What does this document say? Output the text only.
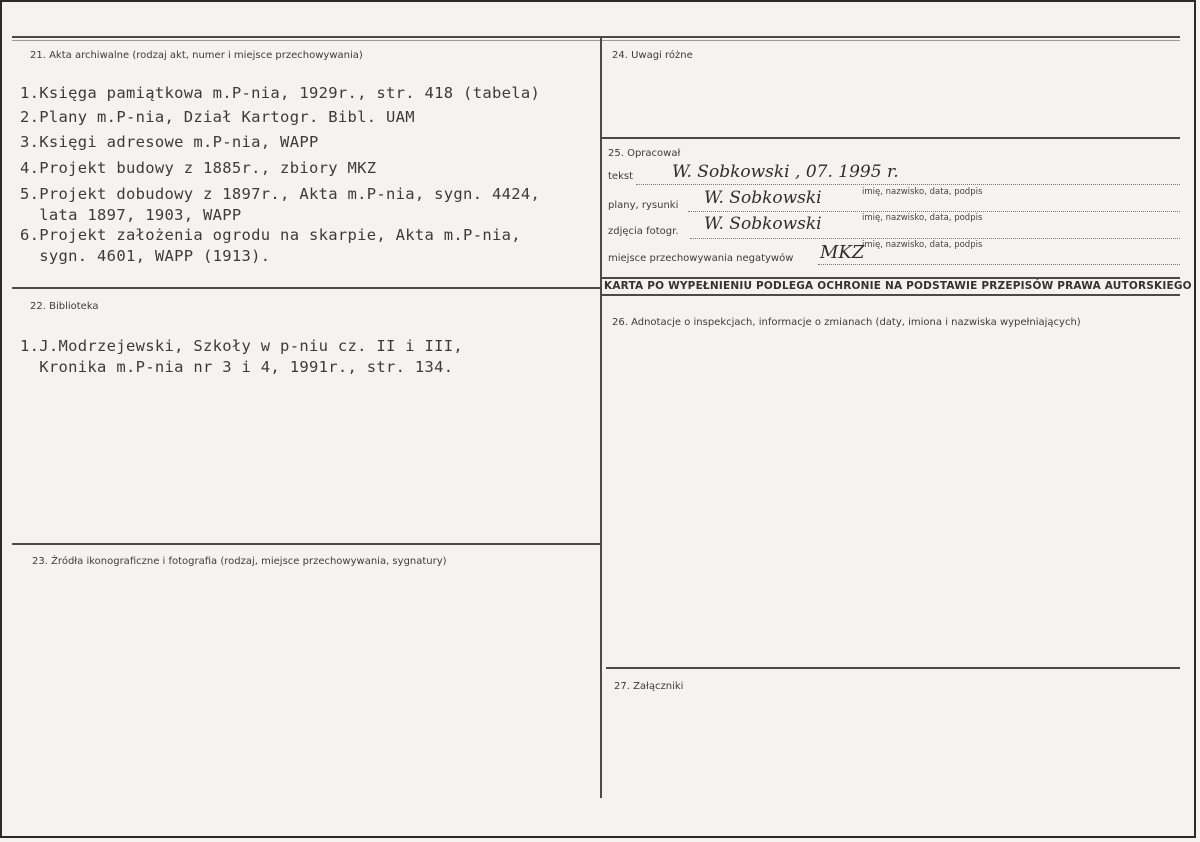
21. Akta archiwalne (rodzaj akt, numer i miejsce przechowywania)
1.Księga pamiątkowa m.P-nia, 1929r., str. 418 (tabela)
2.Plany m.P-nia, Dział Kartogr. Bibl. UAM
3.Księgi adresowe m.P-nia, WAPP
4.Projekt budowy z 1885r., zbiory MKZ
5.Projekt dobudowy z 1897r., Akta m.P-nia, sygn. 4424,
lata 1897, 1903, WAPP
6.Projekt założenia ogrodu na skarpie, Akta m.P-nia,
sygn. 4601, WAPP (1913).
22. Biblioteka
1.J.Modrzejewski, Szkoły w p-niu cz. II i III,
Kronika m.P-nia nr 3 i 4, 1991r., str. 134.
23. Źródła ikonograficzne i fotografia (rodzaj, miejsce przechowywania, sygnatury)
24. Uwagi różne
25. Opracował
tekst W. Sobkowski , 07. 1995 r.
imię, nazwisko, data, podpis
plany, rysunki W. Sobkowski
imię, nazwisko, data, podpis
zdjęcia fotogr. W. Sobkowski
imię, nazwisko, data, podpis
miejsce przechowywania negatywów MKZ
KARTA PO WYPEŁNIENIU PODLEGA OCHRONIE NA PODSTAWIE PRZEPISÓW PRAWA AUTORSKIEGO
26. Adnotacje o inspekcjach, informacje o zmianach (daty, imiona i nazwiska wypełniających)
27. Załączniki
